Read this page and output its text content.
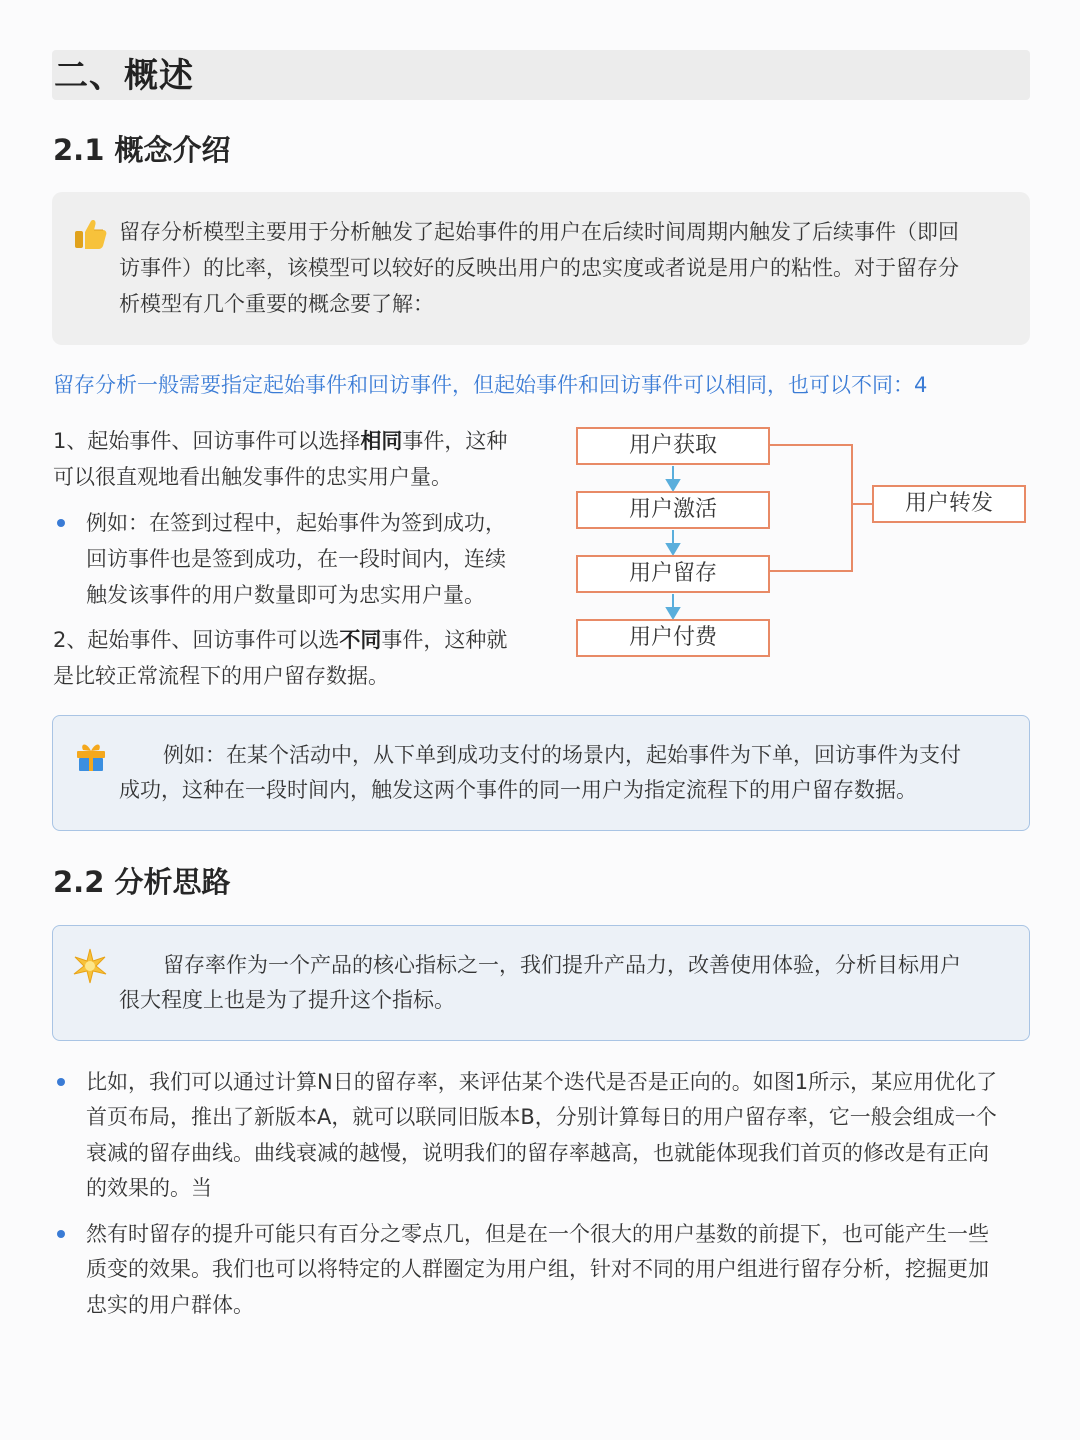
二、概述
2.1 概念介绍
留存分析模型主要用于分析触发了起始事件的用户在后续时间周期内触发了后续事件（即回
访事件）的比率，该模型可以较好的反映出用户的忠实度或者说是用户的粘性。对于留存分
析模型有几个重要的概念要了解：
留存分析一般需要指定起始事件和回访事件，但起始事件和回访事件可以相同，也可以不同：4
1、起始事件、回访事件可以选择相同事件，这种
可以很直观地看出触发事件的忠实用户量。
例如：在签到过程中，起始事件为签到成功，
回访事件也是签到成功，在一段时间内，连续
触发该事件的用户数量即可为忠实用户量。
2、起始事件、回访事件可以选不同事件，这种就
是比较正常流程下的用户留存数据。
用户获取
用户激活
用户留存
用户付费
用户转发
例如：在某个活动中，从下单到成功支付的场景内，起始事件为下单，回访事件为支付
成功，这种在一段时间内，触发这两个事件的同一用户为指定流程下的用户留存数据。
2.2 分析思路
留存率作为一个产品的核心指标之一，我们提升产品力，改善使用体验，分析目标用户
很大程度上也是为了提升这个指标。
比如，我们可以通过计算N日的留存率，来评估某个迭代是否是正向的。如图1所示，某应用优化了
首页布局，推出了新版本A，就可以联同旧版本B，分别计算每日的用户留存率，它一般会组成一个
衰减的留存曲线。曲线衰减的越慢，说明我们的留存率越高，也就能体现我们首页的修改是有正向
的效果的。当
然有时留存的提升可能只有百分之零点几，但是在一个很大的用户基数的前提下，也可能产生一些
质变的效果。我们也可以将特定的人群圈定为用户组，针对不同的用户组进行留存分析，挖掘更加
忠实的用户群体。
